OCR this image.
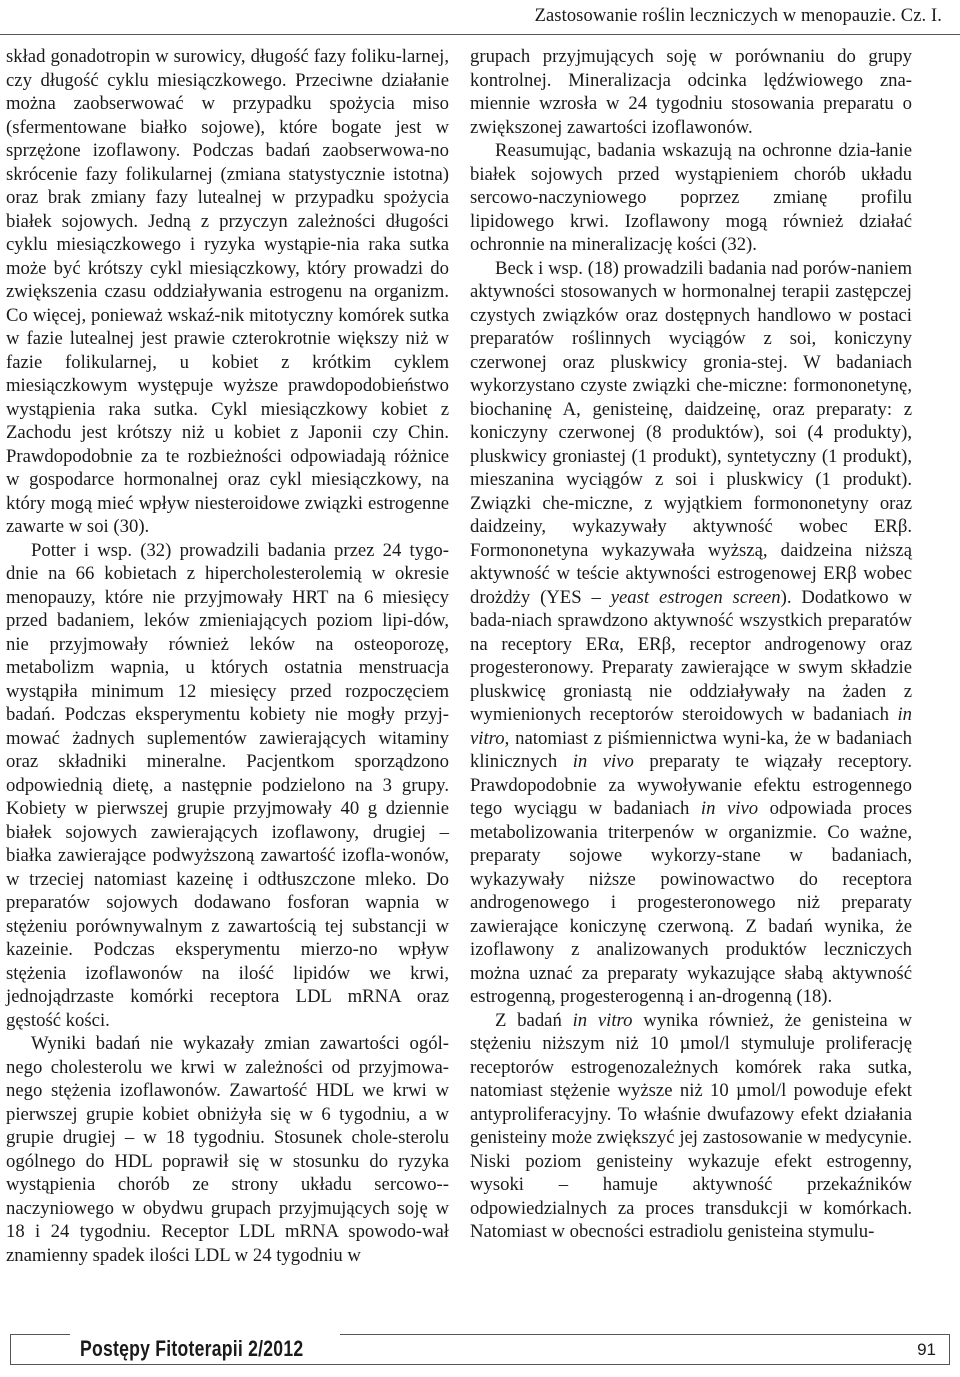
Zastosowanie roślin leczniczych w menopauzie. Cz. I.

skład gonadotropin w surowicy, długość fazy foliku-larnej, czy długość cyklu miesiączkowego. Przeciwne działanie można zaobserwować w przypadku spożycia miso (sfermentowane białko sojowe), które bogate jest w sprzężone izoflawony. Podczas badań zaobserwowa-no skrócenie fazy folikularnej (zmiana statystycznie istotna) oraz brak zmiany fazy lutealnej w przypadku spożycia białek sojowych. Jedną z przyczyn zależności długości cyklu miesiączkowego i ryzyka wystąpie-nia raka sutka może być krótszy cykl miesiączkowy, który prowadzi do zwiększenia czasu oddziaływania estrogenu na organizm. Co więcej, ponieważ wskaź-nik mitotyczny komórek sutka w fazie lutealnej jest prawie czterokrotnie większy niż w fazie folikularnej, u kobiet z krótkim cyklem miesiączkowym występuje wyższe prawdopodobieństwo wystąpienia raka sutka. Cykl miesiączkowy kobiet z Zachodu jest krótszy niż u kobiet z Japonii czy Chin. Prawdopodobnie za te rozbieżności odpowiadają różnice w gospodarce hormonalnej oraz cykl miesiączkowy, na który mogą mieć wpływ niesteroidowe związki estrogenne zawarte w soi (30).

Potter i wsp. (32) prowadzili badania przez 24 tygo-dnie na 66 kobietach z hipercholesterolemią w okresie menopauzy, które nie przyjmowały HRT na 6 miesięcy przed badaniem, leków zmieniających poziom lipi-dów, nie przyjmowały również leków na osteoporozę, metabolizm wapnia, u których ostatnia menstruacja wystąpiła minimum 12 miesięcy przed rozpoczęciem badań. Podczas eksperymentu kobiety nie mogły przyj-mować żadnych suplementów zawierających witaminy oraz składniki mineralne. Pacjentkom sporządzono odpowiednią dietę, a następnie podzielono na 3 grupy. Kobiety w pierwszej grupie przyjmowały 40 g dziennie białek sojowych zawierających izoflawony, drugiej – białka zawierające podwyższoną zawartość izofla-wonów, w trzeciej natomiast kazeinę i odtłuszczone mleko. Do preparatów sojowych dodawano fosforan wapnia w stężeniu porównywalnym z zawartością tej substancji w kazeinie. Podczas eksperymentu mierzo-no wpływ stężenia izoflawonów na ilość lipidów we krwi, jednojądrzaste komórki receptora LDL mRNA oraz gęstość kości.

Wyniki badań nie wykazały zmian zawartości ogól-nego cholesterolu we krwi w zależności od przyjmowa-nego stężenia izoflawonów. Zawartość HDL we krwi w pierwszej grupie kobiet obniżyła się w 6 tygodniu, a w grupie drugiej – w 18 tygodniu. Stosunek chole-sterolu ogólnego do HDL poprawił się w stosunku do ryzyka wystąpienia chorób ze strony układu sercowo--naczyniowego w obydwu grupach przyjmujących soję w 18 i 24 tygodniu. Receptor LDL mRNA spowodo-wał znamienny spadek ilości LDL w 24 tygodniu w

grupach przyjmujących soję w porównaniu do grupy kontrolnej. Mineralizacja odcinka lędźwiowego zna-miennie wzrosła w 24 tygodniu stosowania preparatu o zwiększonej zawartości izoflawonów.

Reasumując, badania wskazują na ochronne dzia-łanie białek sojowych przed wystąpieniem chorób układu sercowo-naczyniowego poprzez zmianę profilu lipidowego krwi. Izoflawony mogą również działać ochronnie na mineralizację kości (32).

Beck i wsp. (18) prowadzili badania nad porów-naniem aktywności stosowanych w hormonalnej terapii zastępczej czystych związków oraz dostępnych handlowo w postaci preparatów roślinnych wyciągów z soi, koniczyny czerwonej oraz pluskwicy gronia-stej. W badaniach wykorzystano czyste związki che-miczne: formononetynę, biochaninę A, genisteinę, daidzeinę, oraz preparaty: z koniczyny czerwonej (8 produktów), soi (4 produkty), pluskwicy groniastej (1 produkt), syntetyczny (1 produkt), mieszanina wyciągów z soi i pluskwicy (1 produkt). Związki che-miczne, z wyjątkiem formononetyny oraz daidzeiny, wykazywały aktywność wobec ERβ. Formononetyna wykazywała wyższą, daidzeina niższą aktywność w teście aktywności estrogenowej ERβ wobec drożdży (YES – yeast estrogen screen). Dodatkowo w bada-niach sprawdzono aktywność wszystkich preparatów na receptory ERα, ERβ, receptor androgenowy oraz progesteronowy. Preparaty zawierające w swym składzie pluskwicę groniastą nie oddziaływały na żaden z wymienionych receptorów steroidowych w badaniach in vitro, natomiast z piśmiennictwa wyni-ka, że w badaniach klinicznych in vivo preparaty te wiązały receptory. Prawdopodobnie za wywoływanie efektu estrogennego tego wyciągu w badaniach in vivo odpowiada proces metabolizowania triterpenów w organizmie. Co ważne, preparaty sojowe wykorzy-stane w badaniach, wykazywały niższe powinowactwo do receptora androgenowego i progesteronowego niż preparaty zawierające koniczynę czerwoną. Z badań wynika, że izoflawony z analizowanych produktów leczniczych można uznać za preparaty wykazujące słabą aktywność estrogenną, progesterogenną i an-drogenną (18).

Z badań in vitro wynika również, że genisteina w stężeniu niższym niż 10 µmol/l stymuluje proliferację receptorów estrogenozależnych komórek raka sutka, natomiast stężenie wyższe niż 10 µmol/l powoduje efekt antyproliferacyjny. To właśnie dwufazowy efekt działania genisteiny może zwiększyć jej zastosowanie w medycynie. Niski poziom genisteiny wykazuje efekt estrogenny, wysoki – hamuje aktywność przekaźników odpowiedzialnych za proces transdukcji w komórkach. Natomiast w obecności estradiolu genisteina stymulu-

Postępy Fitoterapii 2/2012	91
